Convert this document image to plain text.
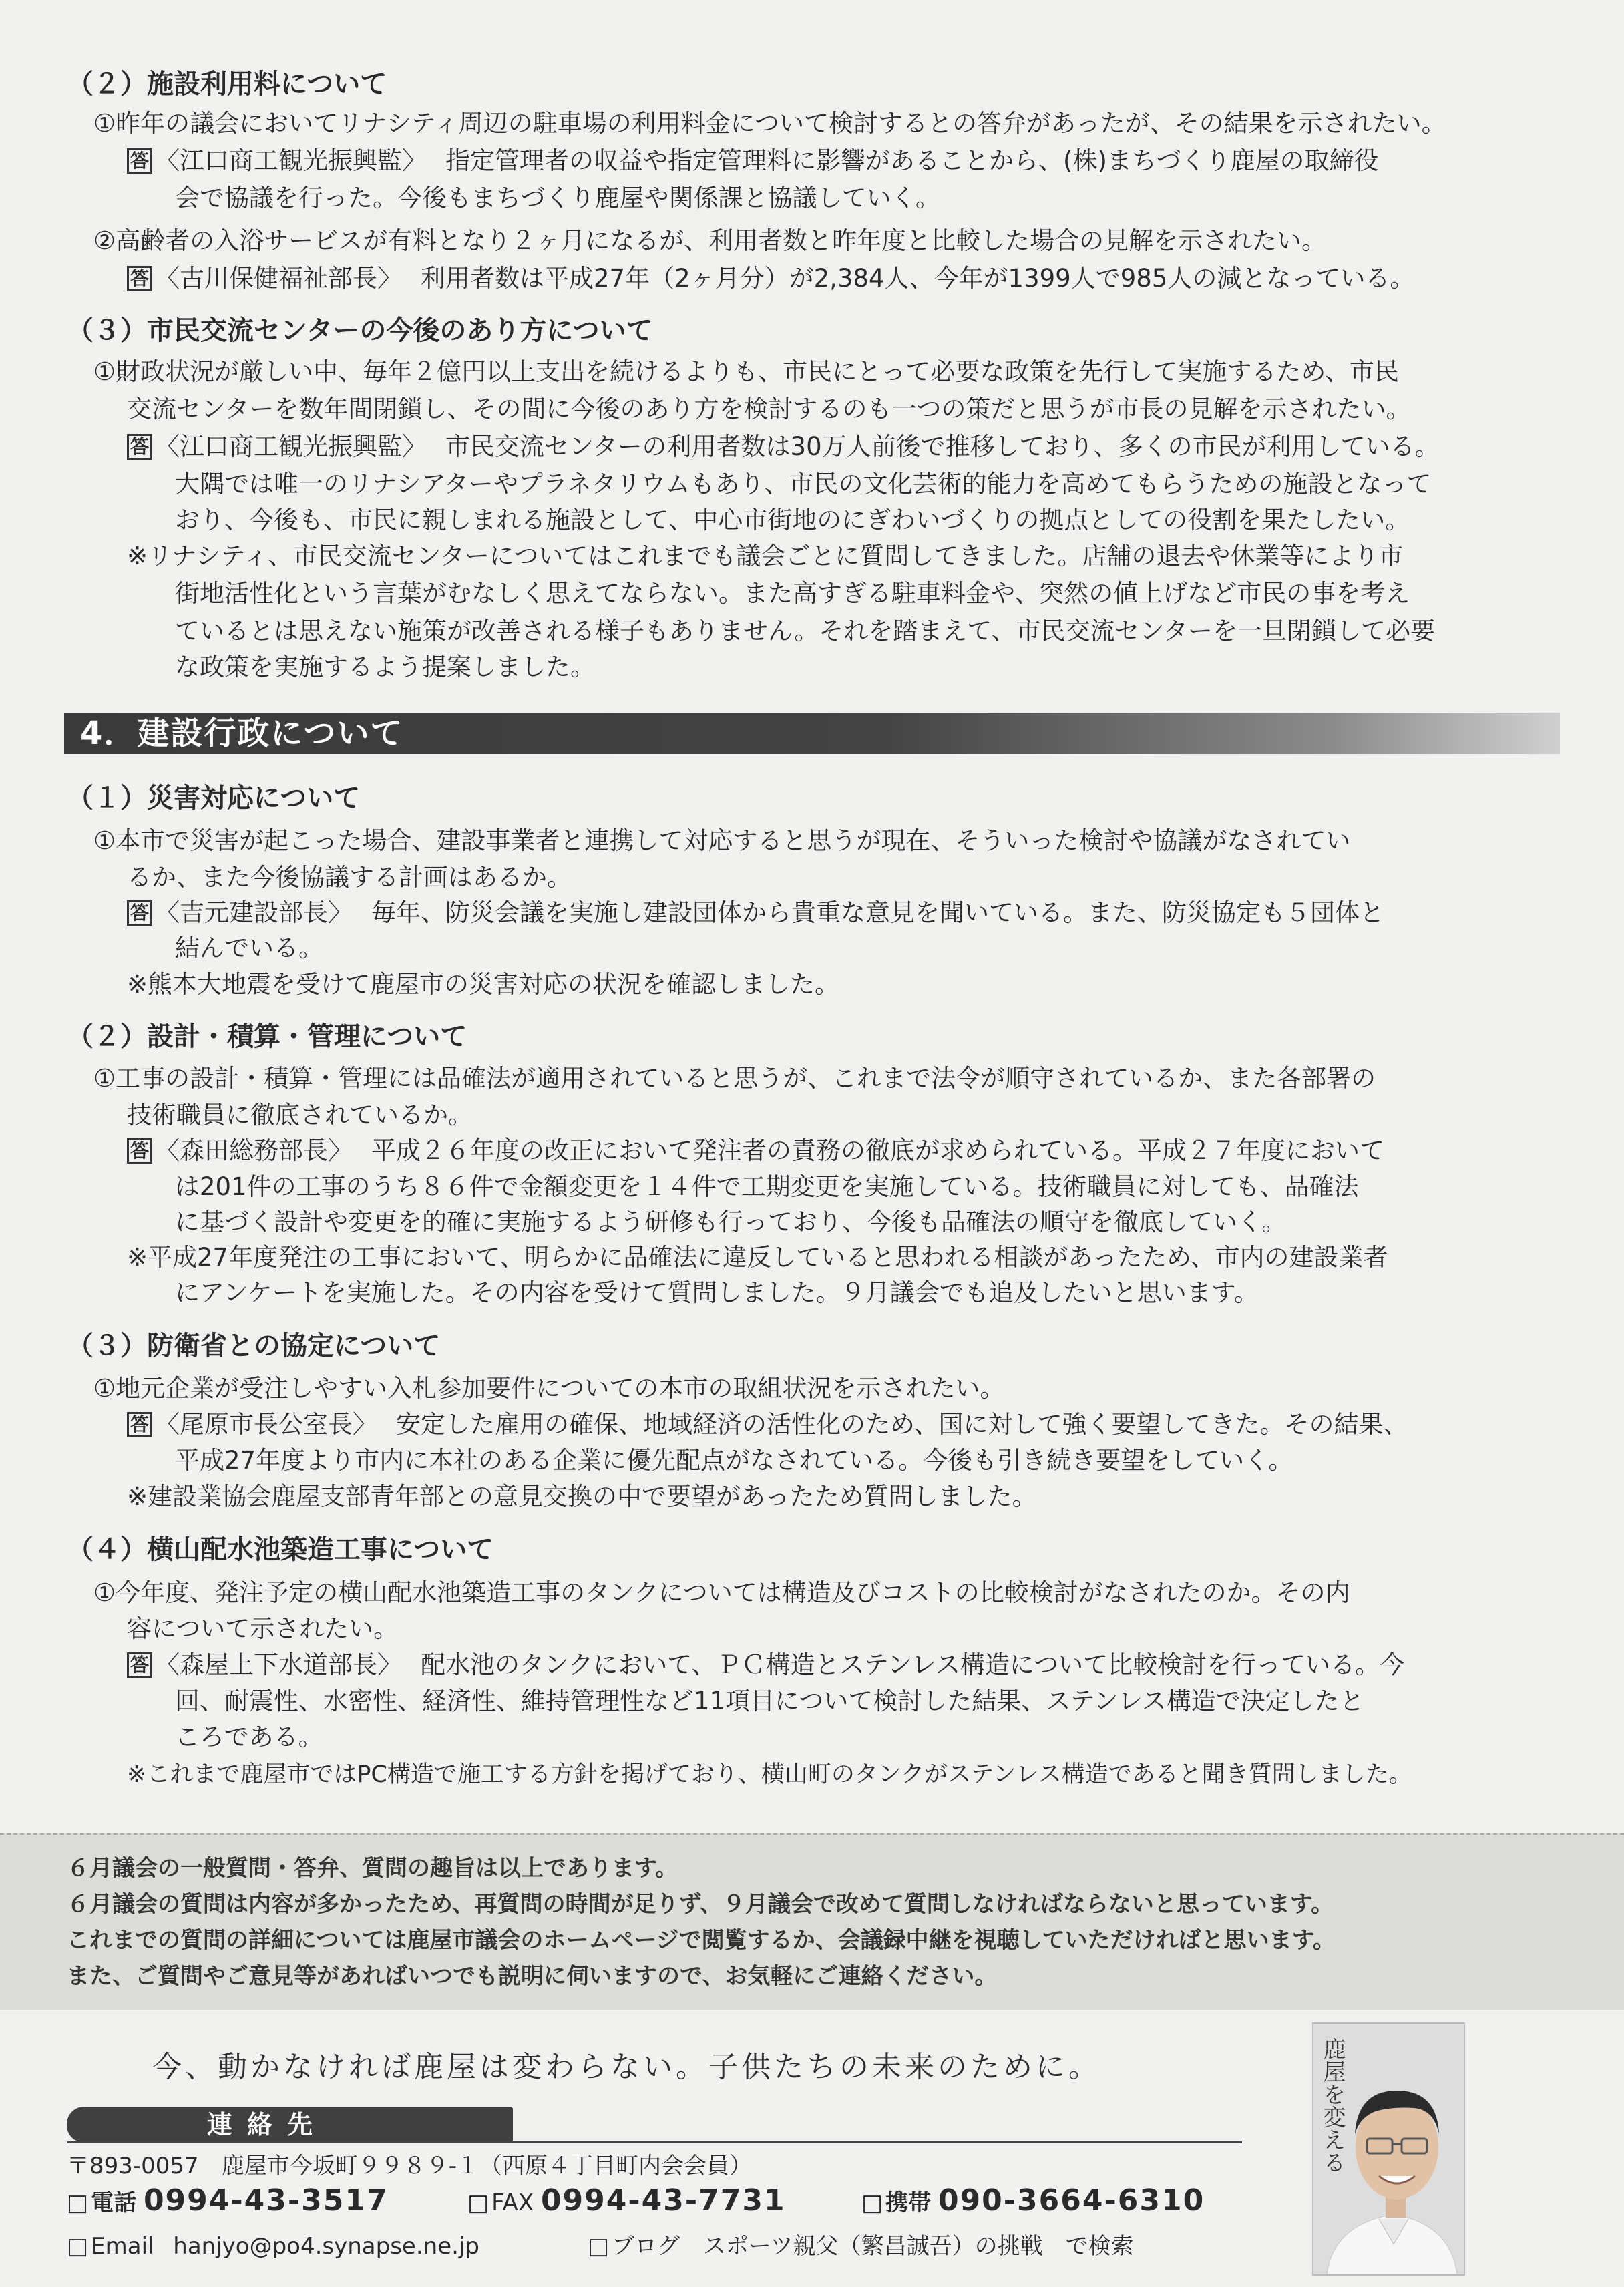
（２）施設利用料について
①昨年の議会においてリナシティ周辺の駐車場の利用料金について検討するとの答弁があったが、その結果を示されたい。
答 〈江口商工観光振興監〉 指定管理者の収益や指定管理料に影響があることから、(株)まちづくり鹿屋の取締役
会で協議を行った。今後もまちづくり鹿屋や関係課と協議していく。
②高齢者の入浴サービスが有料となり２ヶ月になるが、利用者数と昨年度と比較した場合の見解を示されたい。
答 〈古川保健福祉部長〉 利用者数は平成27年（2ヶ月分）が2,384人、今年が1399人で985人の減となっている。
（３）市民交流センターの今後のあり方について
①財政状況が厳しい中、毎年２億円以上支出を続けるよりも、市民にとって必要な政策を先行して実施するため、市民
交流センターを数年間閉鎖し、その間に今後のあり方を検討するのも一つの策だと思うが市長の見解を示されたい。
答 〈江口商工観光振興監〉 市民交流センターの利用者数は30万人前後で推移しており、多くの市民が利用している。
大隅では唯一のリナシアターやプラネタリウムもあり、市民の文化芸術的能力を高めてもらうための施設となって
おり、今後も、市民に親しまれる施設として、中心市街地のにぎわいづくりの拠点としての役割を果たしたい。
※リナシティ、市民交流センターについてはこれまでも議会ごとに質問してきました。店舗の退去や休業等により市
街地活性化という言葉がむなしく思えてならない。また高すぎる駐車料金や、突然の値上げなど市民の事を考え
ているとは思えない施策が改善される様子もありません。それを踏まえて、市民交流センターを一旦閉鎖して必要
な政策を実施するよう提案しました。
4．建設行政について
（１）災害対応について
①本市で災害が起こった場合、建設事業者と連携して対応すると思うが現在、そういった検討や協議がなされてい
るか、また今後協議する計画はあるか。
答 〈吉元建設部長〉 毎年、防災会議を実施し建設団体から貴重な意見を聞いている。また、防災協定も５団体と
結んでいる。
※熊本大地震を受けて鹿屋市の災害対応の状況を確認しました。
（２）設計・積算・管理について
①工事の設計・積算・管理には品確法が適用されていると思うが、これまで法令が順守されているか、また各部署の
技術職員に徹底されているか。
答 〈森田総務部長〉 平成２６年度の改正において発注者の責務の徹底が求められている。平成２７年度において
は201件の工事のうち８６件で金額変更を１４件で工期変更を実施している。技術職員に対しても、品確法
に基づく設計や変更を的確に実施するよう研修も行っており、今後も品確法の順守を徹底していく。
※平成27年度発注の工事において、明らかに品確法に違反していると思われる相談があったため、市内の建設業者
にアンケートを実施した。その内容を受けて質問しました。９月議会でも追及したいと思います。
（３）防衛省との協定について
①地元企業が受注しやすい入札参加要件についての本市の取組状況を示されたい。
答 〈尾原市長公室長〉 安定した雇用の確保、地域経済の活性化のため、国に対して強く要望してきた。その結果、
平成27年度より市内に本社のある企業に優先配点がなされている。今後も引き続き要望をしていく。
※建設業協会鹿屋支部青年部との意見交換の中で要望があったため質問しました。
（４）横山配水池築造工事について
①今年度、発注予定の横山配水池築造工事のタンクについては構造及びコストの比較検討がなされたのか。その内
容について示されたい。
答 〈森屋上下水道部長〉 配水池のタンクにおいて、ＰＣ構造とステンレス構造について比較検討を行っている。今
回、耐震性、水密性、経済性、維持管理性など11項目について検討した結果、ステンレス構造で決定したと
ころである。
※これまで鹿屋市ではPC構造で施工する方針を掲げており、横山町のタンクがステンレス構造であると聞き質問しました。

６月議会の一般質問・答弁、質問の趣旨は以上であります。

６月議会の質問は内容が多かったため、再質問の時間が足りず、９月議会で改めて質問しなければならないと思っています。

これまでの質問の詳細については鹿屋市議会のホームページで閲覧するか、会議録中継を視聴していただければと思います。

また、ご質問やご意見等があればいつでも説明に伺いますので、お気軽にご連絡ください。

今、動かなければ鹿屋は変わらない。子供たちの未来のために。
連絡先
〒893-0057　鹿屋市今坂町９９８９-１（西原４丁目町内会会員）
□ 電話 0994-43-3517	□ FAX 0994-43-7731	□ 携帯 090-3664-6310
□ Email hanjyo@po4.synapse.ne.jp	□ ブログ スポーツ親父（繁昌誠吾）の挑戦　で検索
鹿屋を変える
